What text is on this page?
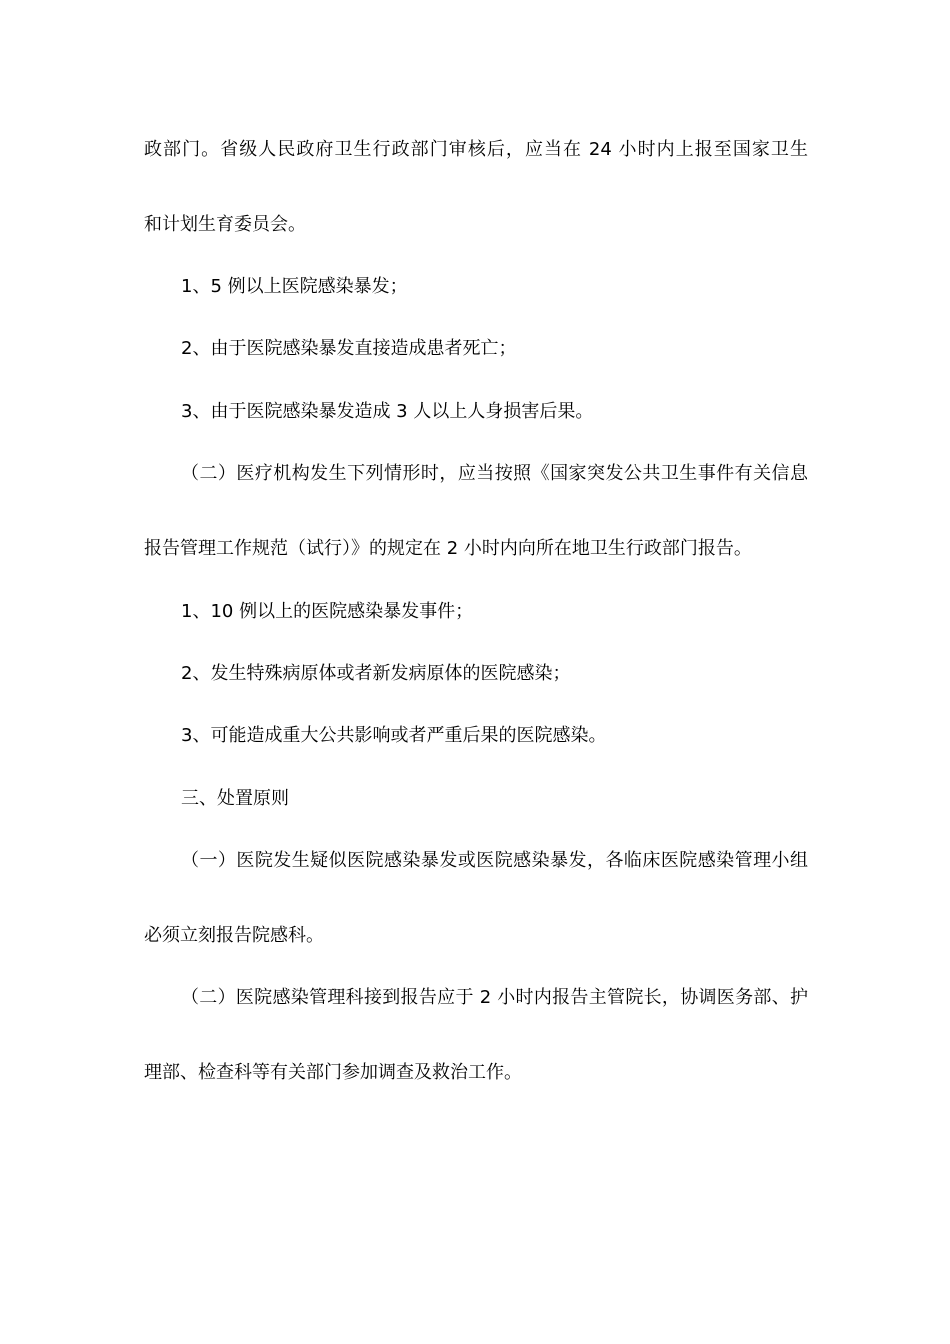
政部门。省级人民政府卫生行政部门审核后，应当在 24 小时内上报至国家卫生
和计划生育委员会。
1、5 例以上医院感染暴发；
2、由于医院感染暴发直接造成患者死亡；
3、由于医院感染暴发造成 3 人以上人身损害后果。
（二）医疗机构发生下列情形时，应当按照《国家突发公共卫生事件有关信息
报告管理工作规范（试行）》的规定在 2 小时内向所在地卫生行政部门报告。
1、10 例以上的医院感染暴发事件；
2、发生特殊病原体或者新发病原体的医院感染；
3、可能造成重大公共影响或者严重后果的医院感染。
三、处置原则
（一）医院发生疑似医院感染暴发或医院感染暴发，各临床医院感染管理小组
必须立刻报告院感科。
（二）医院感染管理科接到报告应于 2 小时内报告主管院长，协调医务部、护
理部、检查科等有关部门参加调查及救治工作。
